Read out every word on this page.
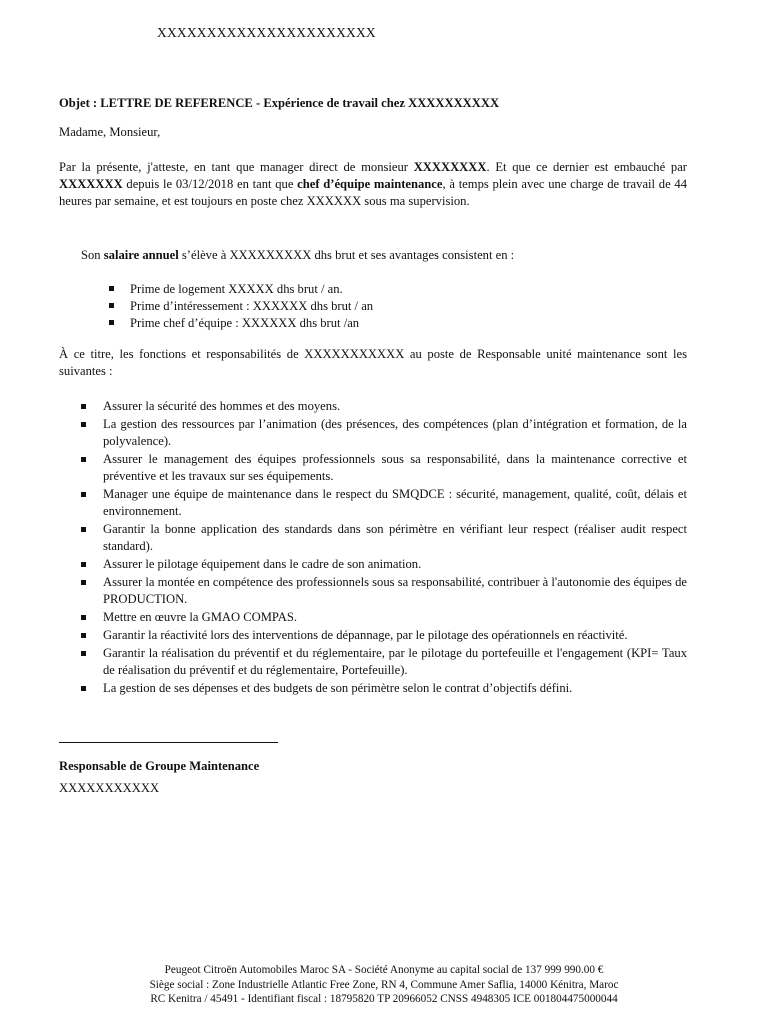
XXXXXXXXXXXXXXXXXXXXXX
Objet : LETTRE DE REFERENCE - Expérience de travail chez XXXXXXXXXX
Madame, Monsieur,
Par la présente, j'atteste, en tant que manager direct de monsieur XXXXXXXX. Et que ce dernier est embauché par XXXXXXX depuis le 03/12/2018 en tant que chef d’équipe maintenance, à temps plein avec une charge de travail de 44 heures par semaine, et est toujours en poste chez XXXXXX sous ma supervision.
Son salaire annuel s’élève à XXXXXXXXX dhs brut et ses avantages consistent en :
Prime de logement XXXXX dhs brut / an.
Prime d’intéressement : XXXXXX dhs brut / an
Prime chef d’équipe : XXXXXX dhs brut /an
À ce titre, les fonctions et responsabilités de XXXXXXXXXXX au poste de Responsable unité maintenance sont les suivantes :
Assurer la sécurité des hommes et des moyens.
La gestion des ressources par l’animation (des présences, des compétences (plan d’intégration et formation, de la polyvalence).
Assurer le management des équipes professionnels sous sa responsabilité, dans la maintenance corrective et préventive et les travaux sur ses équipements.
Manager une équipe de maintenance dans le respect du SMQDCE : sécurité, management, qualité, coût, délais et environnement.
Garantir la bonne application des standards dans son périmètre en vérifiant leur respect (réaliser audit respect standard).
Assurer le pilotage équipement dans le cadre de son animation.
Assurer la montée en compétence des professionnels sous sa responsabilité, contribuer à l'autonomie des équipes de PRODUCTION.
Mettre en œuvre la GMAO COMPAS.
Garantir la réactivité lors des interventions de dépannage, par le pilotage des opérationnels en réactivité.
Garantir la réalisation du préventif et du réglementaire, par le pilotage du portefeuille et l'engagement (KPI= Taux de réalisation du préventif et du réglementaire, Portefeuille).
La gestion de ses dépenses et des budgets de son périmètre selon le contrat d’objectifs défini.
Responsable de Groupe Maintenance
XXXXXXXXXXX
Peugeot Citroën Automobiles Maroc SA - Société Anonyme au capital social de 137 999 990.00 €
Siège social : Zone Industrielle Atlantic Free Zone, RN 4, Commune Amer Saflia, 14000 Kénitra, Maroc
RC Kenitra / 45491 - Identifiant fiscal : 18795820 TP 20966052 CNSS 4948305 ICE 001804475000044
